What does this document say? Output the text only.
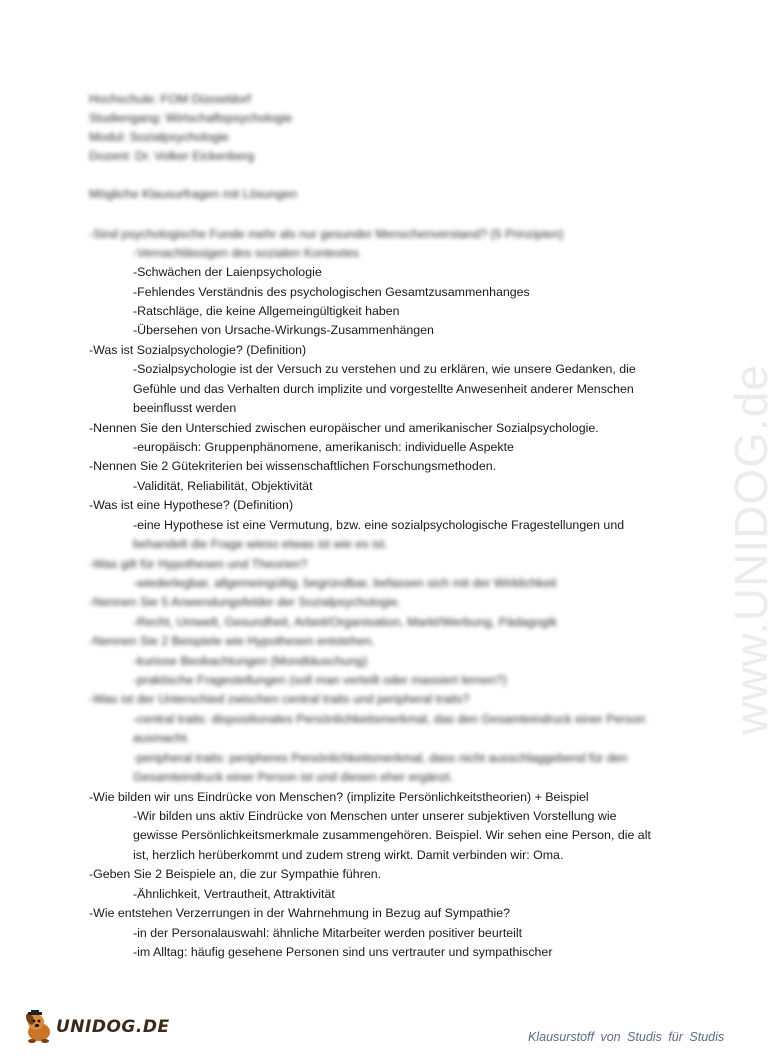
Hochschule: FOM Düsseldorf
Studiengang: Wirtschaftspsychologie
Modul: Sozialpsychologie
Dozent: Dr. Volker Eickenberg
Mögliche Klausurfragen mit Lösungen
-Sind psychologische Funde mehr als nur gesunder Menschenverstand? (5 Prinzipien)
-Vernachlässigen des sozialen Kontextes
-Schwächen der Laienpsychologie
-Fehlendes Verständnis des psychologischen Gesamtzusammenhanges
-Ratschläge, die keine Allgemeingültigkeit haben
-Übersehen von Ursache-Wirkungs-Zusammenhängen
-Was ist Sozialpsychologie? (Definition)
-Sozialpsychologie ist der Versuch zu verstehen und zu erklären, wie unsere Gedanken, die
Gefühle und das Verhalten durch implizite und vorgestellte Anwesenheit anderer Menschen
beeinflusst werden
-Nennen Sie den Unterschied zwischen europäischer und amerikanischer Sozialpsychologie.
-europäisch: Gruppenphänomene, amerikanisch: individuelle Aspekte
-Nennen Sie 2 Gütekriterien bei wissenschaftlichen Forschungsmethoden.
-Validität, Reliabilität, Objektivität
-Was ist eine Hypothese? (Definition)
-eine Hypothese ist eine Vermutung, bzw. eine sozialpsychologische Fragestellungen und
behandelt die Frage wieso etwas ist wie es ist.
-Was gilt für Hypothesen und Theorien?
-wiederlegbar, allgemeingültig, begründbar, befassen sich mit der Wirklichkeit
-Nennen Sie 5 Anwendungsfelder der Sozialpsychologie.
-Recht, Umwelt, Gesundheit, Arbeit/Organisation, Markt/Werbung, Pädagogik
-Nennen Sie 2 Beispiele wie Hypothesen entstehen.
-kuriose Beobachtungen (Mondtäuschung)
-praktische Fragestellungen (soll man verteilt oder massiert lernen?)
-Was ist der Unterschied zwischen central traits und peripheral traits?
-central traits: dispositionales Persönlichkeitsmerkmal, das den Gesamteindruck einer Person
ausmacht.
-peripheral traits: peripheres Persönlichkeitsmerkmal, dass nicht ausschlaggebend für den
Gesamteindruck einer Person ist und diesen eher ergänzt.
-Wie bilden wir uns Eindrücke von Menschen? (implizite Persönlichkeitstheorien) + Beispiel
-Wir bilden uns aktiv Eindrücke von Menschen unter unserer subjektiven Vorstellung wie
gewisse Persönlichkeitsmerkmale zusammengehören. Beispiel. Wir sehen eine Person, die alt
ist, herzlich herüberkommt und zudem streng wirkt. Damit verbinden wir: Oma.
-Geben Sie 2 Beispiele an, die zur Sympathie führen.
-Ähnlichkeit, Vertrautheit, Attraktivität
-Wie entstehen Verzerrungen in der Wahrnehmung in Bezug auf Sympathie?
-in der Personalauswahl: ähnliche Mitarbeiter werden positiver beurteilt
-im Alltag: häufig gesehene Personen sind uns vertrauter und sympathischer
www.UNIDOG.de
UNIDOG.DE	Klausurstoff von Studis für Studis
